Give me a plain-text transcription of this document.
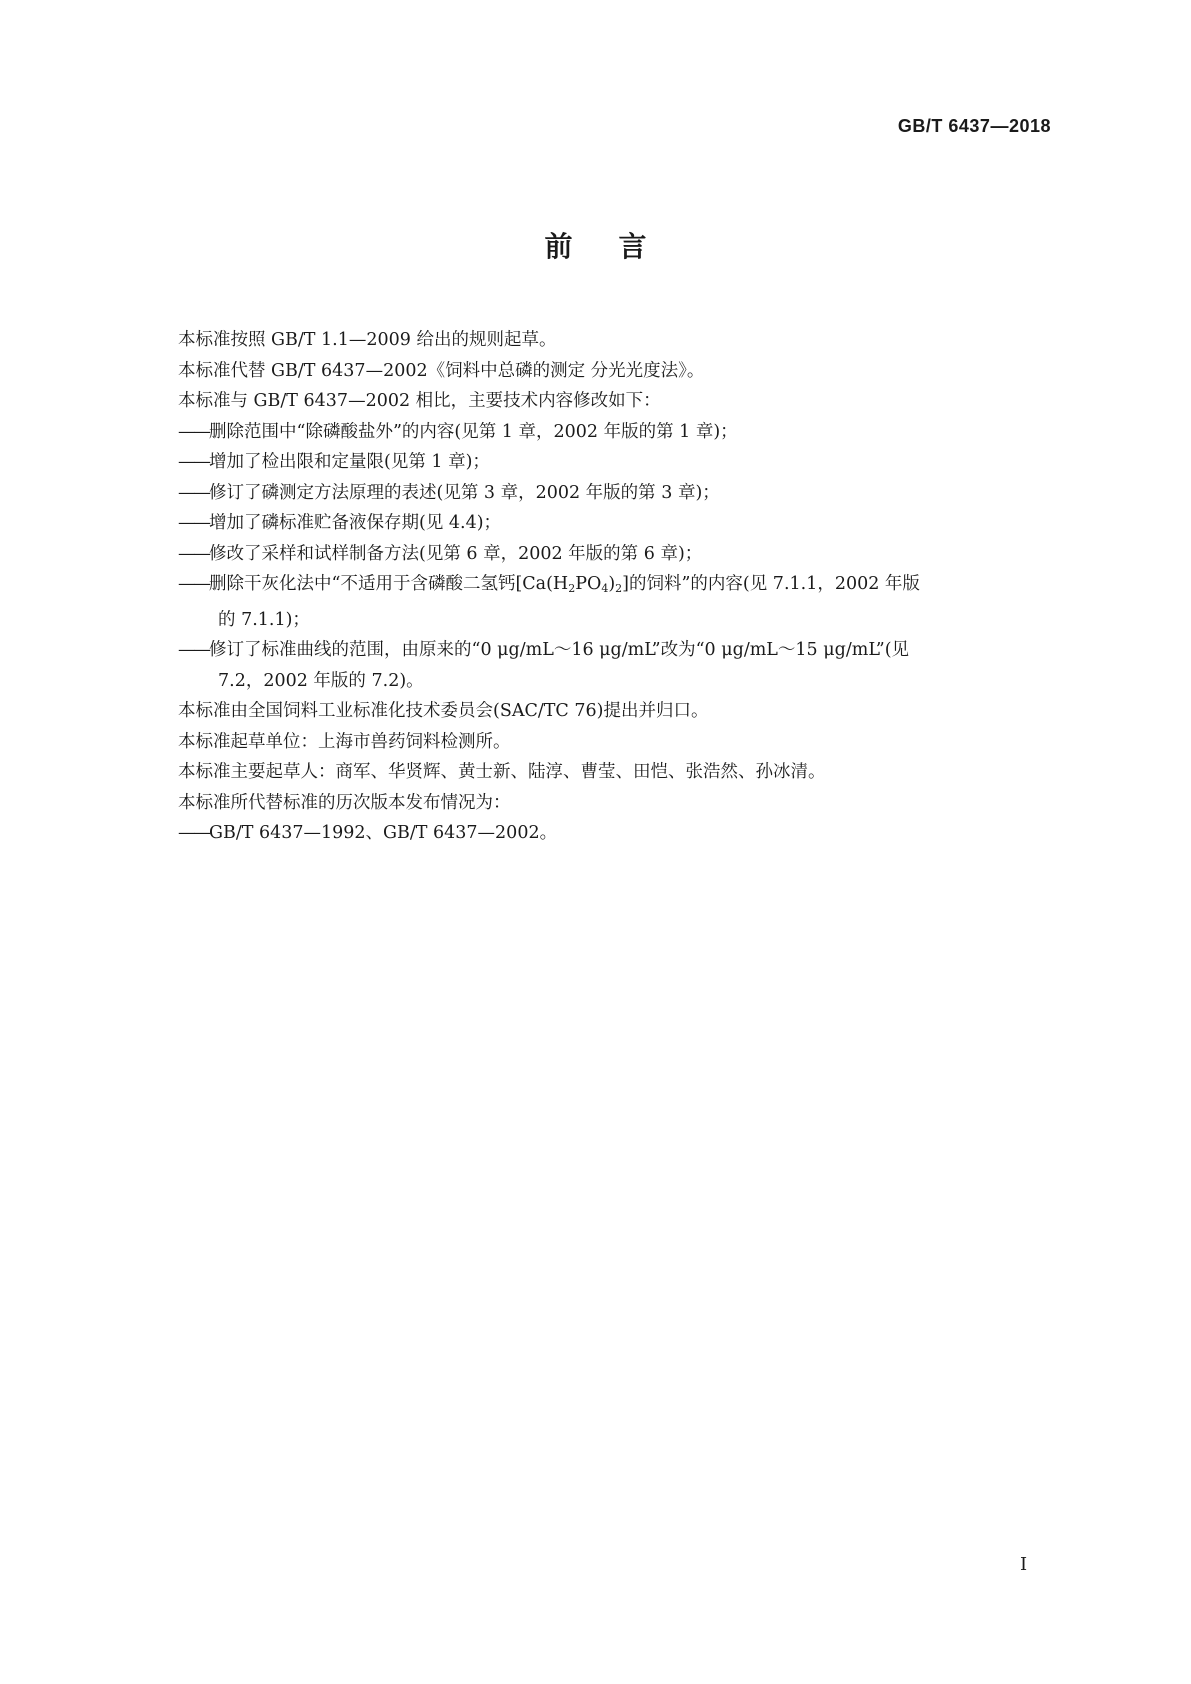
GB/T 6437—2018
前言
本标准按照 GB/T 1.1—2009 给出的规则起草。
本标准代替 GB/T 6437—2002《饲料中总磷的测定 分光光度法》。
本标准与 GB/T 6437—2002 相比，主要技术内容修改如下：
——删除范围中“除磷酸盐外”的内容(见第 1 章，2002 年版的第 1 章)；
——增加了检出限和定量限(见第 1 章)；
——修订了磷测定方法原理的表述(见第 3 章，2002 年版的第 3 章)；
——增加了磷标准贮备液保存期(见 4.4)；
——修改了采样和试样制备方法(见第 6 章，2002 年版的第 6 章)；
——删除干灰化法中“不适用于含磷酸二氢钙$[Ca(H_2PO_4)_2]$的饲料”的内容(见 7.1.1，2002 年版
的 7.1.1)；
——修订了标准曲线的范围，由原来的“0 μg/mL～16 μg/mL”改为“0 μg/mL～15 μg/mL”(见
7.2，2002 年版的 7.2)。
本标准由全国饲料工业标准化技术委员会(SAC/TC 76)提出并归口。
本标准起草单位：上海市兽药饲料检测所。
本标准主要起草人：商军、华贤辉、黄士新、陆淳、曹莹、田恺、张浩然、孙冰清。
本标准所代替标准的历次版本发布情况为：
——GB/T 6437—1992、GB/T 6437—2002。
I
